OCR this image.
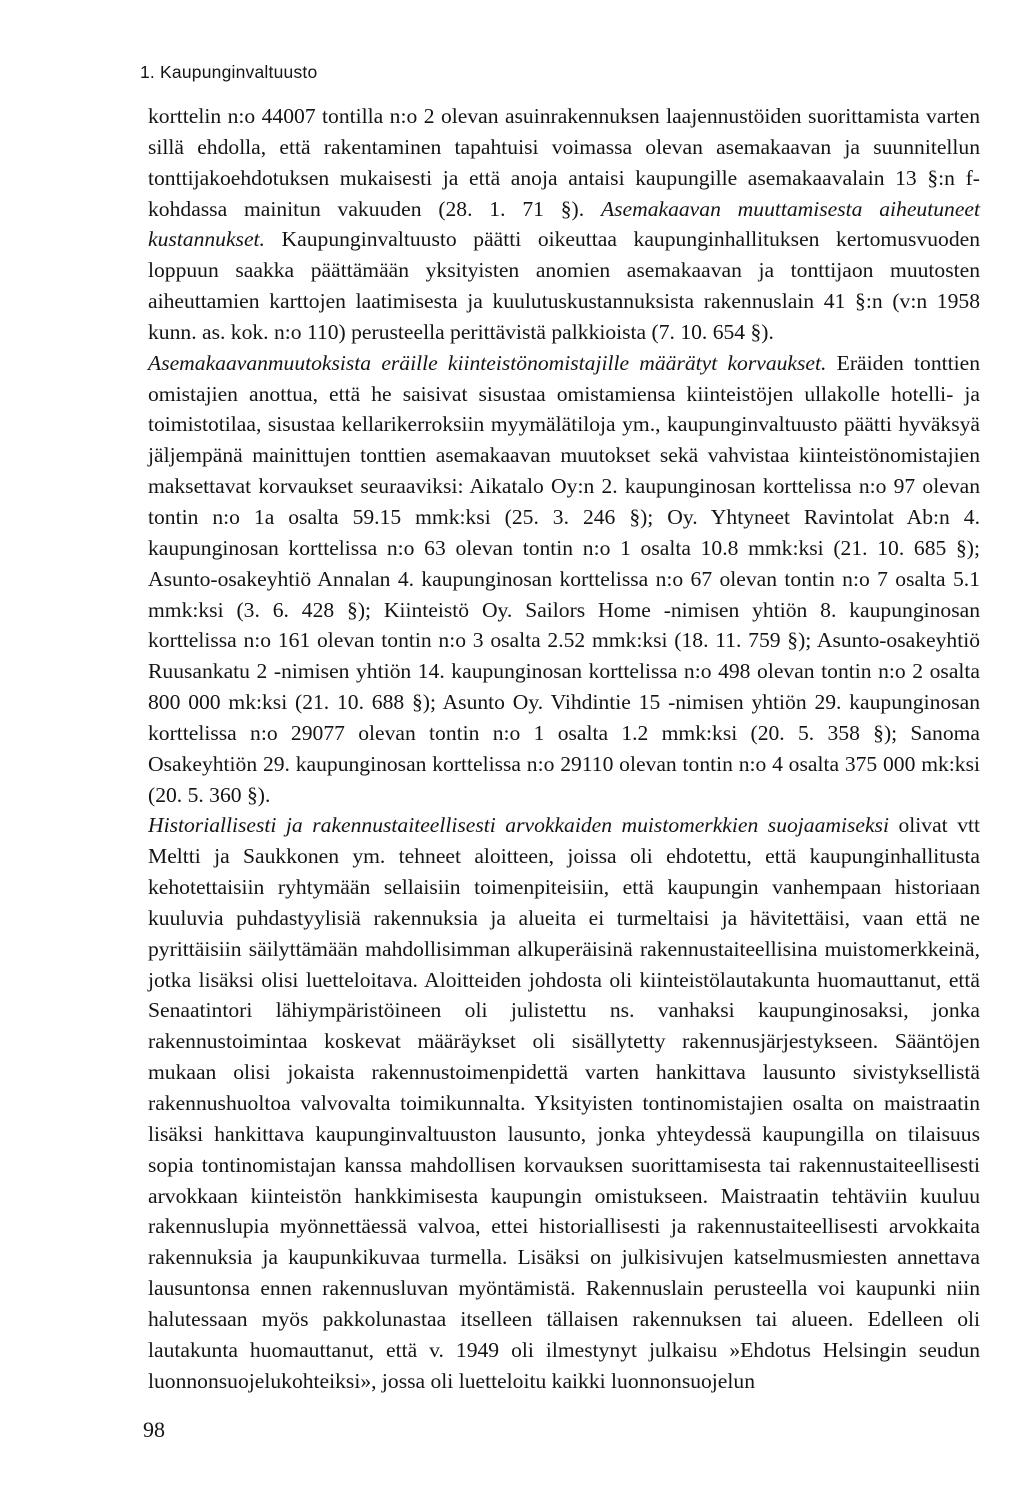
1. Kaupunginvaltuusto

korttelin n:o 44007 tontilla n:o 2 olevan asuinrakennuksen laajennustöiden suorittamista varten sillä ehdolla, että rakentaminen tapahtuisi voimassa olevan asemakaavan ja suunnitellun tonttijakoehdotuksen mukaisesti ja että anoja antaisi kaupungille asemakaavalain 13 §:n f-kohdassa mainitun vakuuden (28. 1. 71 §). Asemakaavan muuttamisesta aiheutuneet kustannukset. Kaupunginvaltuusto päätti oikeuttaa kaupunginhallituksen kertomusvuoden loppuun saakka päättämään yksityisten anomien asemakaavan ja tonttijaon muutosten aiheuttamien karttojen laatimisesta ja kuulutuskustannuksista rakennuslain 41 §:n (v:n 1958 kunn. as. kok. n:o 110) perusteella perittävistä palkkioista (7. 10. 654 §).

Asemakaavanmuutoksista eräille kiinteistönomistajille määrätyt korvaukset. Eräiden tonttien omistajien anottua, että he saisivat sisustaa omistamiensa kiinteistöjen ullakolle hotelli- ja toimistotilaa, sisustaa kellarikerroksiin myymälätiloja ym., kaupunginvaltuusto päätti hyväksyä jäljempänä mainittujen tonttien asemakaavan muutokset sekä vahvistaa kiinteistönomistajien maksettavat korvaukset seuraaviksi: Aikatalo Oy:n 2. kaupunginosan korttelissa n:o 97 olevan tontin n:o 1a osalta 59.15 mmk:ksi (25. 3. 246 §); Oy. Yhtyneet Ravintolat Ab:n 4. kaupunginosan korttelissa n:o 63 olevan tontin n:o 1 osalta 10.8 mmk:ksi (21. 10. 685 §); Asunto-osakeyhtiö Annalan 4. kaupunginosan korttelissa n:o 67 olevan tontin n:o 7 osalta 5.1 mmk:ksi (3. 6. 428 §); Kiinteistö Oy. Sailors Home -nimisen yhtiön 8. kaupunginosan korttelissa n:o 161 olevan tontin n:o 3 osalta 2.52 mmk:ksi (18. 11. 759 §); Asunto-osakeyhtiö Ruusankatu 2 -nimisen yhtiön 14. kaupunginosan korttelissa n:o 498 olevan tontin n:o 2 osalta 800 000 mk:ksi (21. 10. 688 §); Asunto Oy. Vihdintie 15 -nimisen yhtiön 29. kaupunginosan korttelissa n:o 29077 olevan tontin n:o 1 osalta 1.2 mmk:ksi (20. 5. 358 §); Sanoma Osakeyhtiön 29. kaupunginosan korttelissa n:o 29110 olevan tontin n:o 4 osalta 375 000 mk:ksi (20. 5. 360 §).

Historiallisesti ja rakennustaiteellisesti arvokkaiden muistomerkkien suojaamiseksi olivat vtt Meltti ja Saukkonen ym. tehneet aloitteen, joissa oli ehdotettu, että kaupunginhallitusta kehotettaisiin ryhtymään sellaisiin toimenpiteisiin, että kaupungin vanhempaan historiaan kuuluvia puhdastyylisiä rakennuksia ja alueita ei turmeltaisi ja hävitettäisi, vaan että ne pyrittäisiin säilyttämään mahdollisimman alkuperäisinä rakennustaiteellisina muistomerkkeinä, jotka lisäksi olisi luetteloitava. Aloitteiden johdosta oli kiinteistölautakunta huomauttanut, että Senaatintori lähiympäristöineen oli julistettu ns. vanhaksi kaupunginosaksi, jonka rakennustoimintaa koskevat määräykset oli sisällytetty rakennusjärjestykseen. Sääntöjen mukaan olisi jokaista rakennustoimenpidettä varten hankittava lausunto sivistyksellistä rakennushuoltoa valvovalta toimikunnalta. Yksityisten tontinomistajien osalta on maistraatin lisäksi hankittava kaupunginvaltuuston lausunto, jonka yhteydessä kaupungilla on tilaisuus sopia tontinomistajan kanssa mahdollisen korvauksen suorittamisesta tai rakennustaiteellisesti arvokkaan kiinteistön hankkimisesta kaupungin omistukseen. Maistraatin tehtäviin kuuluu rakennuslupia myönnettäessä valvoa, ettei historiallisesti ja rakennustaiteellisesti arvokkaita rakennuksia ja kaupunkikuvaa turmella. Lisäksi on julkisivujen katselmusmiesten annettava lausuntonsa ennen rakennusluvan myöntämistä. Rakennuslain perusteella voi kaupunki niin halutessaan myös pakkolunastaa itselleen tällaisen rakennuksen tai alueen. Edelleen oli lautakunta huomauttanut, että v. 1949 oli ilmestynyt julkaisu »Ehdotus Helsingin seudun luonnonsuojelukohteiksi», jossa oli luetteloitu kaikki luonnonsuojelun

98
